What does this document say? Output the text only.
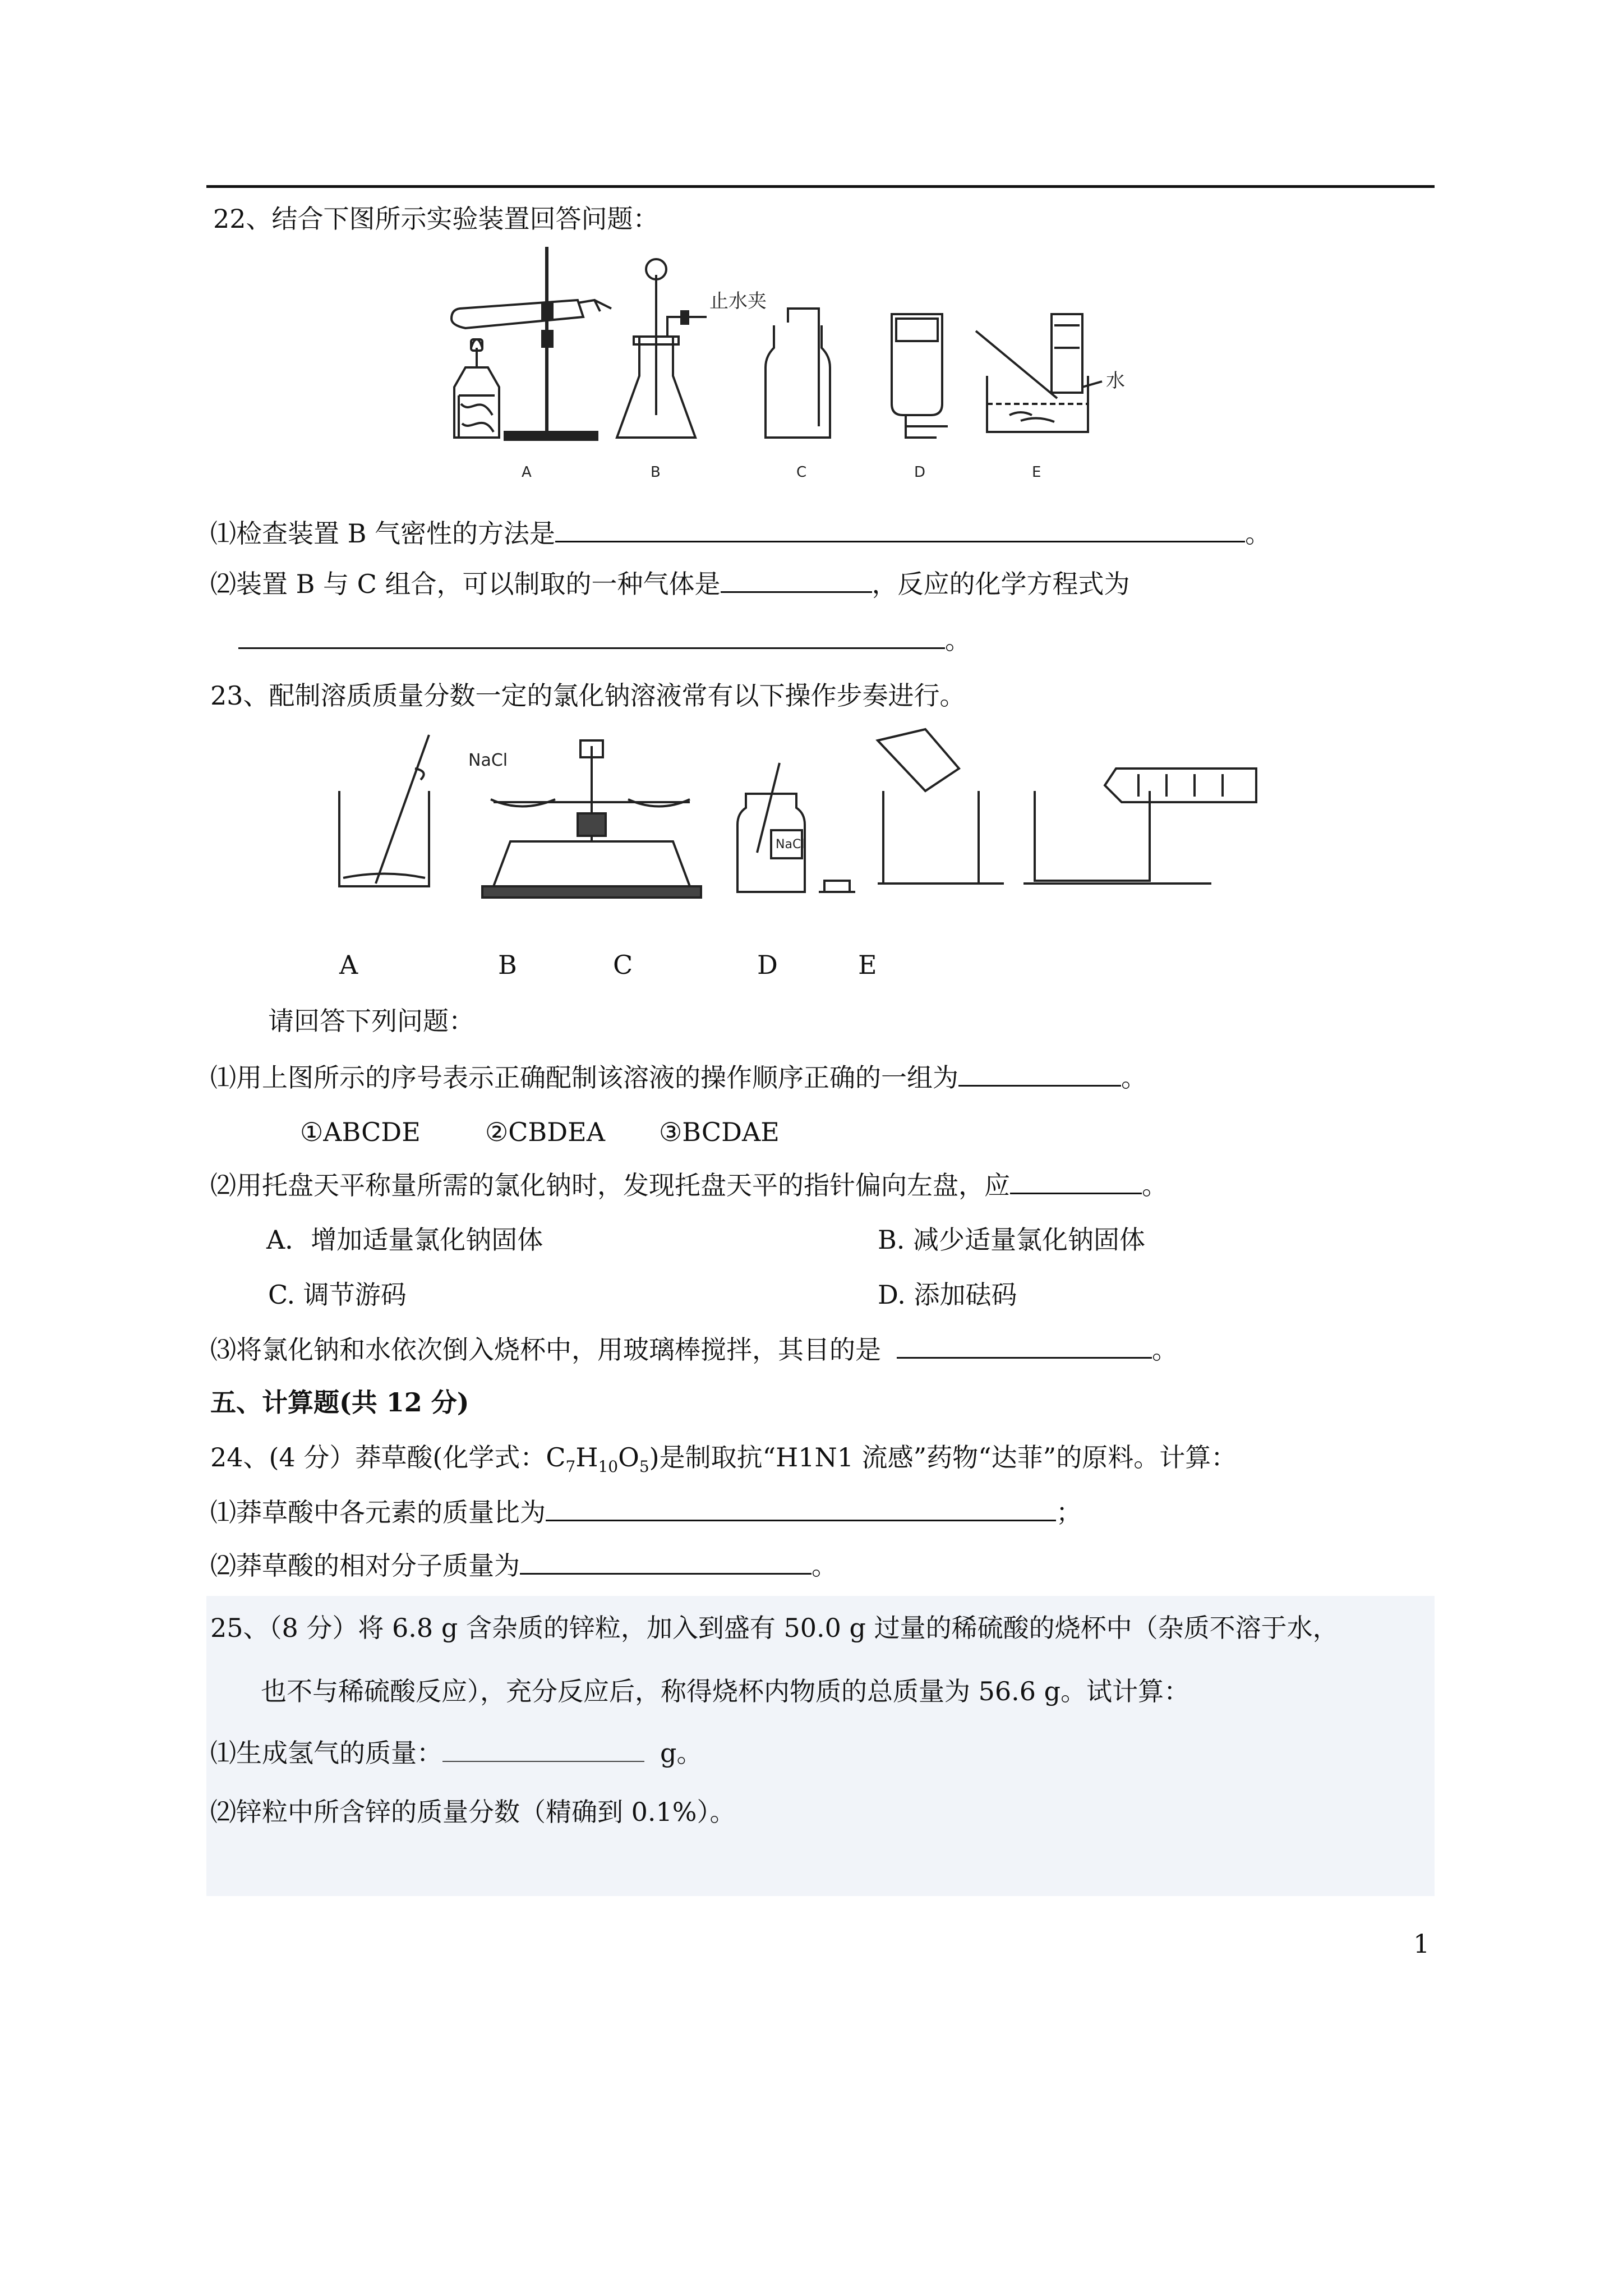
22、结合下图所示实验装置回答问题：
水
止水夹
A	B	C	D	E
⑴检查装置 B 气密性的方法是	。
⑵装置 B 与 C 组合，可以制取的一种气体是	，反应的化学方程式为
。
23、配制溶质质量分数一定的氯化钠溶液常有以下操作步奏进行。
NaCl
NaCl
A	B	C	D	E
请回答下列问题：
⑴用上图所示的序号表示正确配制该溶液的操作顺序正确的一组为	。
①ABCDE	②CBDEA ③BCDAE
⑵用托盘天平称量所需的氯化钠时，发现托盘天平的指针偏向左盘，应	。
A．增加适量氯化钠固体	B. 减少适量氯化钠固体
C. 调节游码	D. 添加砝码
⑶将氯化钠和水依次倒入烧杯中，用玻璃棒搅拌，其目的是	。
五、计算题(共 12 分)
24、(4 分）莽草酸(化学式：$C_7H_{10}O_5$)是制取抗“H1N1 流感”药物“达菲”的原料。计算：
⑴莽草酸中各元素的质量比为	；
⑵莽草酸的相对分子质量为	。
25、（8 分）将 6.8 g 含杂质的锌粒，加入到盛有 50.0 g 过量的稀硫酸的烧杯中（杂质不溶于水，
也不与稀硫酸反应），充分反应后，称得烧杯内物质的总质量为 56.6 g。试计算：
⑴生成氢气的质量：	g。
⑵锌粒中所含锌的质量分数（精确到 0.1%）。
1
